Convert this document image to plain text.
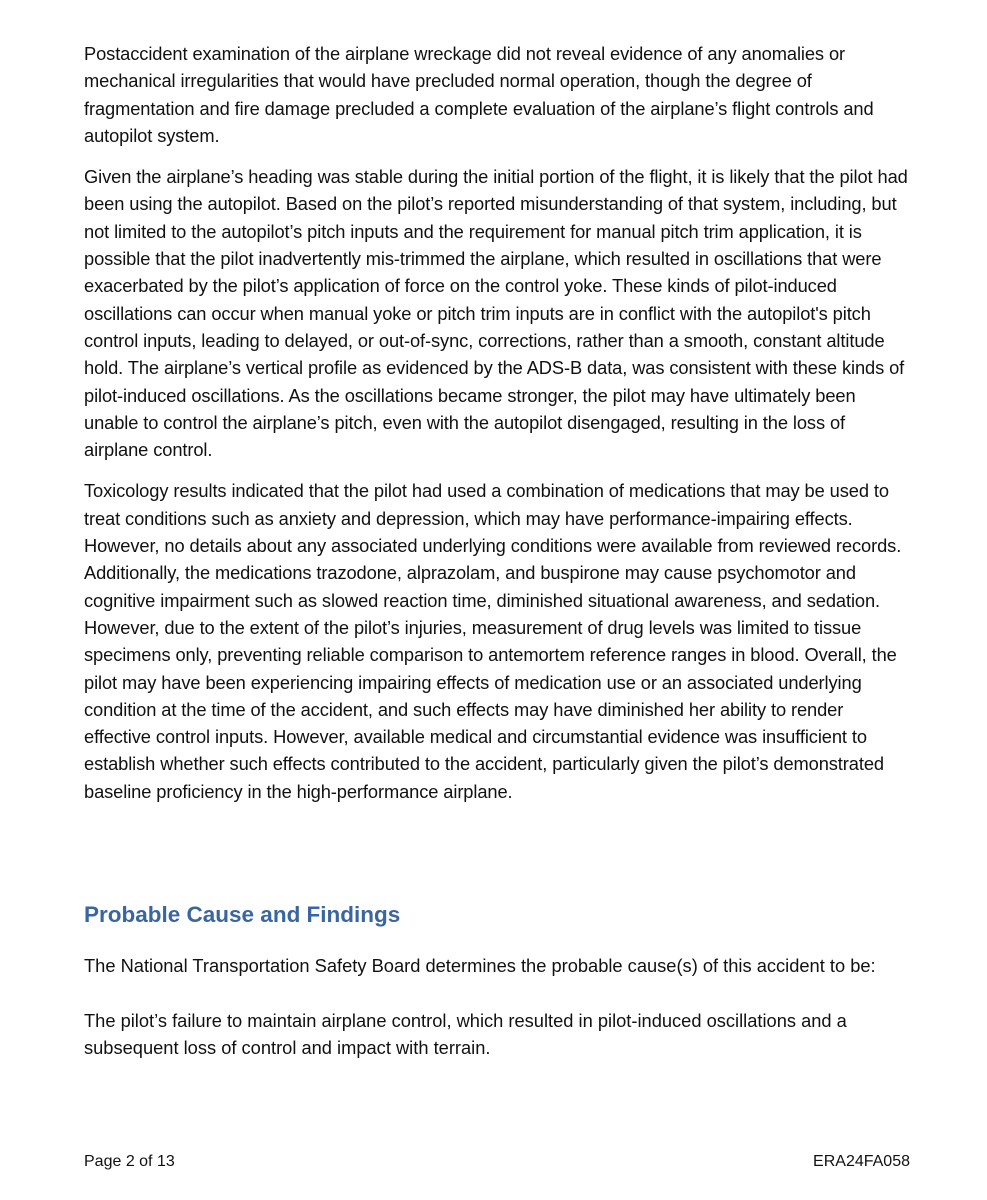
Postaccident examination of the airplane wreckage did not reveal evidence of any anomalies or mechanical irregularities that would have precluded normal operation, though the degree of fragmentation and fire damage precluded a complete evaluation of the airplane’s flight controls and autopilot system.

Given the airplane’s heading was stable during the initial portion of the flight, it is likely that the pilot had been using the autopilot. Based on the pilot’s reported misunderstanding of that system, including, but not limited to the autopilot’s pitch inputs and the requirement for manual pitch trim application, it is possible that the pilot inadvertently mis-trimmed the airplane, which resulted in oscillations that were exacerbated by the pilot’s application of force on the control yoke. These kinds of pilot-induced oscillations can occur when manual yoke or pitch trim inputs are in conflict with the autopilot's pitch control inputs, leading to delayed, or out-of-sync, corrections, rather than a smooth, constant altitude hold. The airplane’s vertical profile as evidenced by the ADS-B data, was consistent with these kinds of pilot-induced oscillations. As the oscillations became stronger, the pilot may have ultimately been unable to control the airplane’s pitch, even with the autopilot disengaged, resulting in the loss of airplane control.

Toxicology results indicated that the pilot had used a combination of medications that may be used to treat conditions such as anxiety and depression, which may have performance-impairing effects. However, no details about any associated underlying conditions were available from reviewed records. Additionally, the medications trazodone, alprazolam, and buspirone may cause psychomotor and cognitive impairment such as slowed reaction time, diminished situational awareness, and sedation. However, due to the extent of the pilot’s injuries, measurement of drug levels was limited to tissue specimens only, preventing reliable comparison to antemortem reference ranges in blood. Overall, the pilot may have been experiencing impairing effects of medication use or an associated underlying condition at the time of the accident, and such effects may have diminished her ability to render effective control inputs. However, available medical and circumstantial evidence was insufficient to establish whether such effects contributed to the accident, particularly given the pilot’s demonstrated baseline proficiency in the high-performance airplane.

Probable Cause and Findings

The National Transportation Safety Board determines the probable cause(s) of this accident to be:

The pilot’s failure to maintain airplane control, which resulted in pilot-induced oscillations and a subsequent loss of control and impact with terrain.

Page 2 of 13	ERA24FA058
